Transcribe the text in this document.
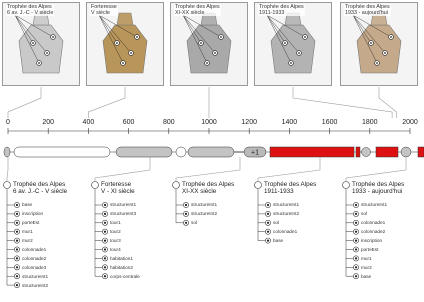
Trophée des Alpes
6 av. J.-C - V siècle
Forteresse
V siècle
Trophée des Alpes
XI-XX siècle
Trophée des Alpes
1911-1933
Trophée des Alpes
1933 - aujourd'hui
0	200	400	600	800	1000	1200	1400	1600	1800	2000
+1
Trophée des Alpes
6 av. J.-C - V siècle
base
inscription
porteEst
mur1
mur2
colonnade1
colonnade2
colonnade3
structureInt1
structureInt2
Forteresse
V - XI siècle
structureInt1
structureInt3
tour1
tour2
tour3
tour4
habitation1
habitation2
corps-centrale
Trophée des Alpes
XI-XX siècle
structureInt1
structureInt2
sol
Trophée des Alpes
1911-1933
structureInt1
structureInt2
sol
colonnade1
base
Trophée des Alpes
1933 - aujourd'hui
structureInt1
sol
colonnade1
colonnade2
inscription
porteEst
mur1
mur2
base
